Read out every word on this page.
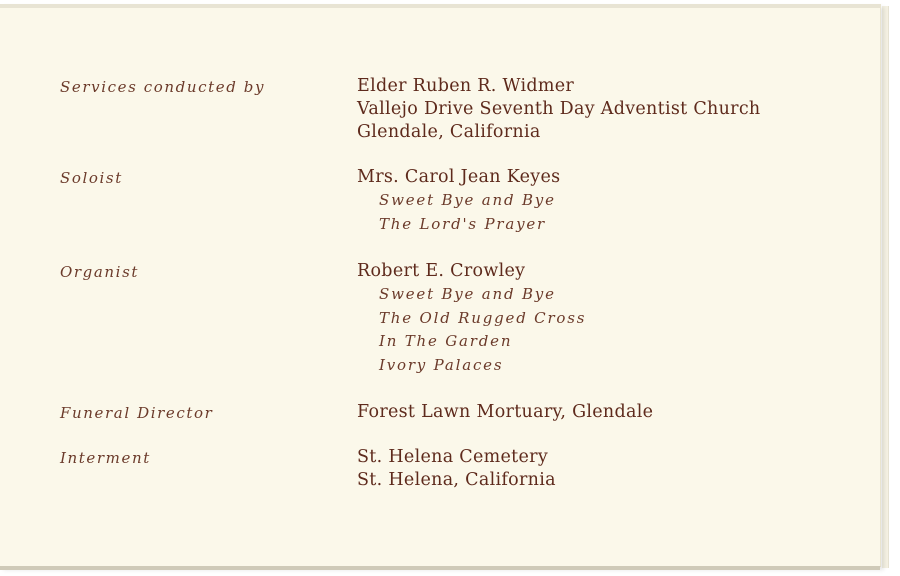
Services conducted by	Elder Ruben R. Widmer
Vallejo Drive Seventh Day Adventist Church
Glendale, California
Soloist	Mrs. Carol Jean Keyes
Sweet Bye and Bye
The Lord's Prayer
Organist	Robert E. Crowley
Sweet Bye and Bye
The Old Rugged Cross
In The Garden
Ivory Palaces
Funeral Director	Forest Lawn Mortuary, Glendale
Interment	St. Helena Cemetery
St. Helena, California
